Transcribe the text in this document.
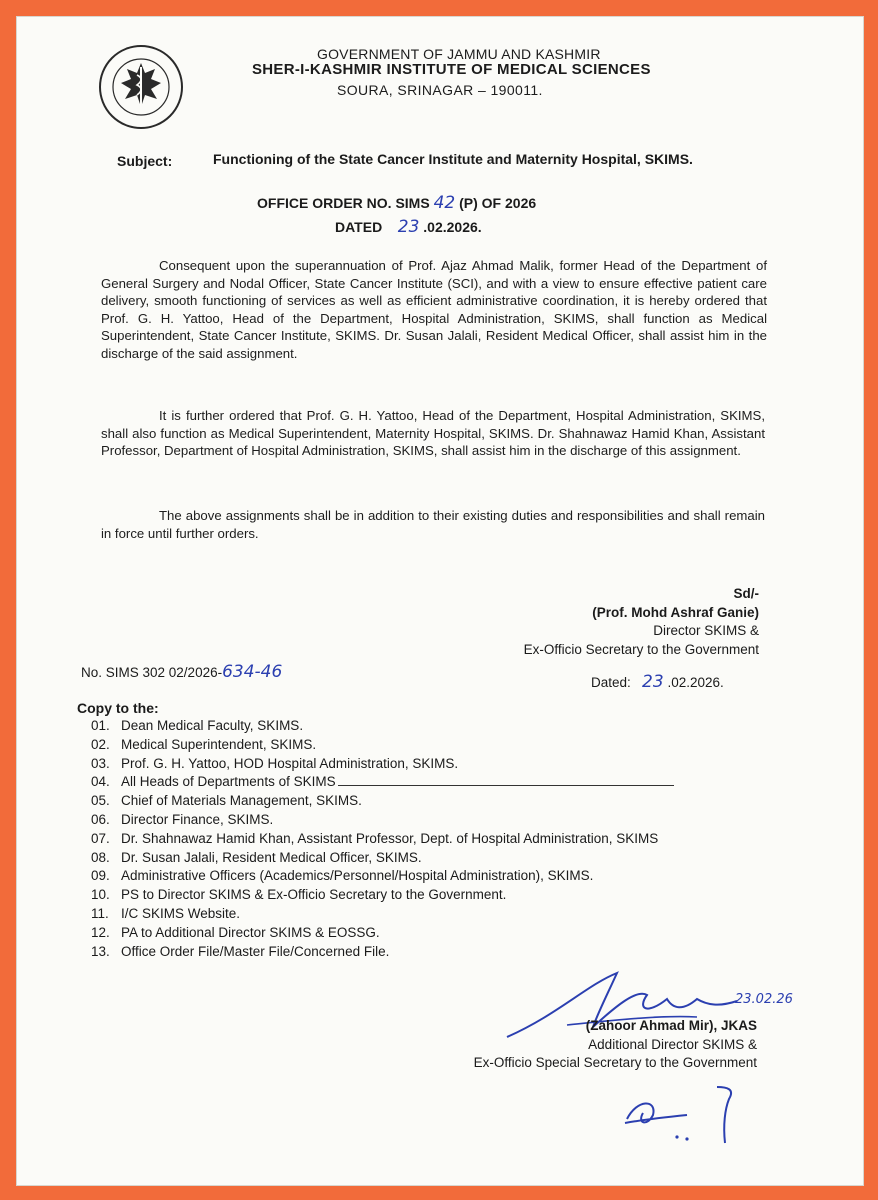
GOVERNMENT OF JAMMU AND KASHMIR
SHER-I-KASHMIR INSTITUTE OF MEDICAL SCIENCES
SOURA, SRINAGAR – 190011.
Subject:	Functioning of the State Cancer Institute and Maternity Hospital, SKIMS.
OFFICE ORDER NO. SIMS 42 (P) OF 2026
DATED 23 .02.2026.
Consequent upon the superannuation of Prof. Ajaz Ahmad Malik, former Head of the Department of General Surgery and Nodal Officer, State Cancer Institute (SCI), and with a view to ensure effective patient care delivery, smooth functioning of services as well as efficient administrative coordination, it is hereby ordered that Prof. G. H. Yattoo, Head of the Department, Hospital Administration, SKIMS, shall function as Medical Superintendent, State Cancer Institute, SKIMS. Dr. Susan Jalali, Resident Medical Officer, shall assist him in the discharge of the said assignment.
It is further ordered that Prof. G. H. Yattoo, Head of the Department, Hospital Administration, SKIMS, shall also function as Medical Superintendent, Maternity Hospital, SKIMS. Dr. Shahnawaz Hamid Khan, Assistant Professor, Department of Hospital Administration, SKIMS, shall assist him in the discharge of this assignment.
The above assignments shall be in addition to their existing duties and responsibilities and shall remain in force until further orders.
Sd/-
(Prof. Mohd Ashraf Ganie)
Director SKIMS &
Ex-Officio Secretary to the Government
No. SIMS 302 02/2026-634-46
Dated: 23 .02.2026.
Copy to the:
01. Dean Medical Faculty, SKIMS.
02. Medical Superintendent, SKIMS.
03. Prof. G. H. Yattoo, HOD Hospital Administration, SKIMS.
04. All Heads of Departments of SKIMS
05. Chief of Materials Management, SKIMS.
06. Director Finance, SKIMS.
07. Dr. Shahnawaz Hamid Khan, Assistant Professor, Dept. of Hospital Administration, SKIMS
08. Dr. Susan Jalali, Resident Medical Officer, SKIMS.
09. Administrative Officers (Academics/Personnel/Hospital Administration), SKIMS.
10. PS to Director SKIMS & Ex-Officio Secretary to the Government.
11. I/C SKIMS Website.
12. PA to Additional Director SKIMS & EOSSG.
13. Office Order File/Master File/Concerned File.
23.02.26
(Zahoor Ahmad Mir), JKAS
Additional Director SKIMS &
Ex-Officio Special Secretary to the Government
